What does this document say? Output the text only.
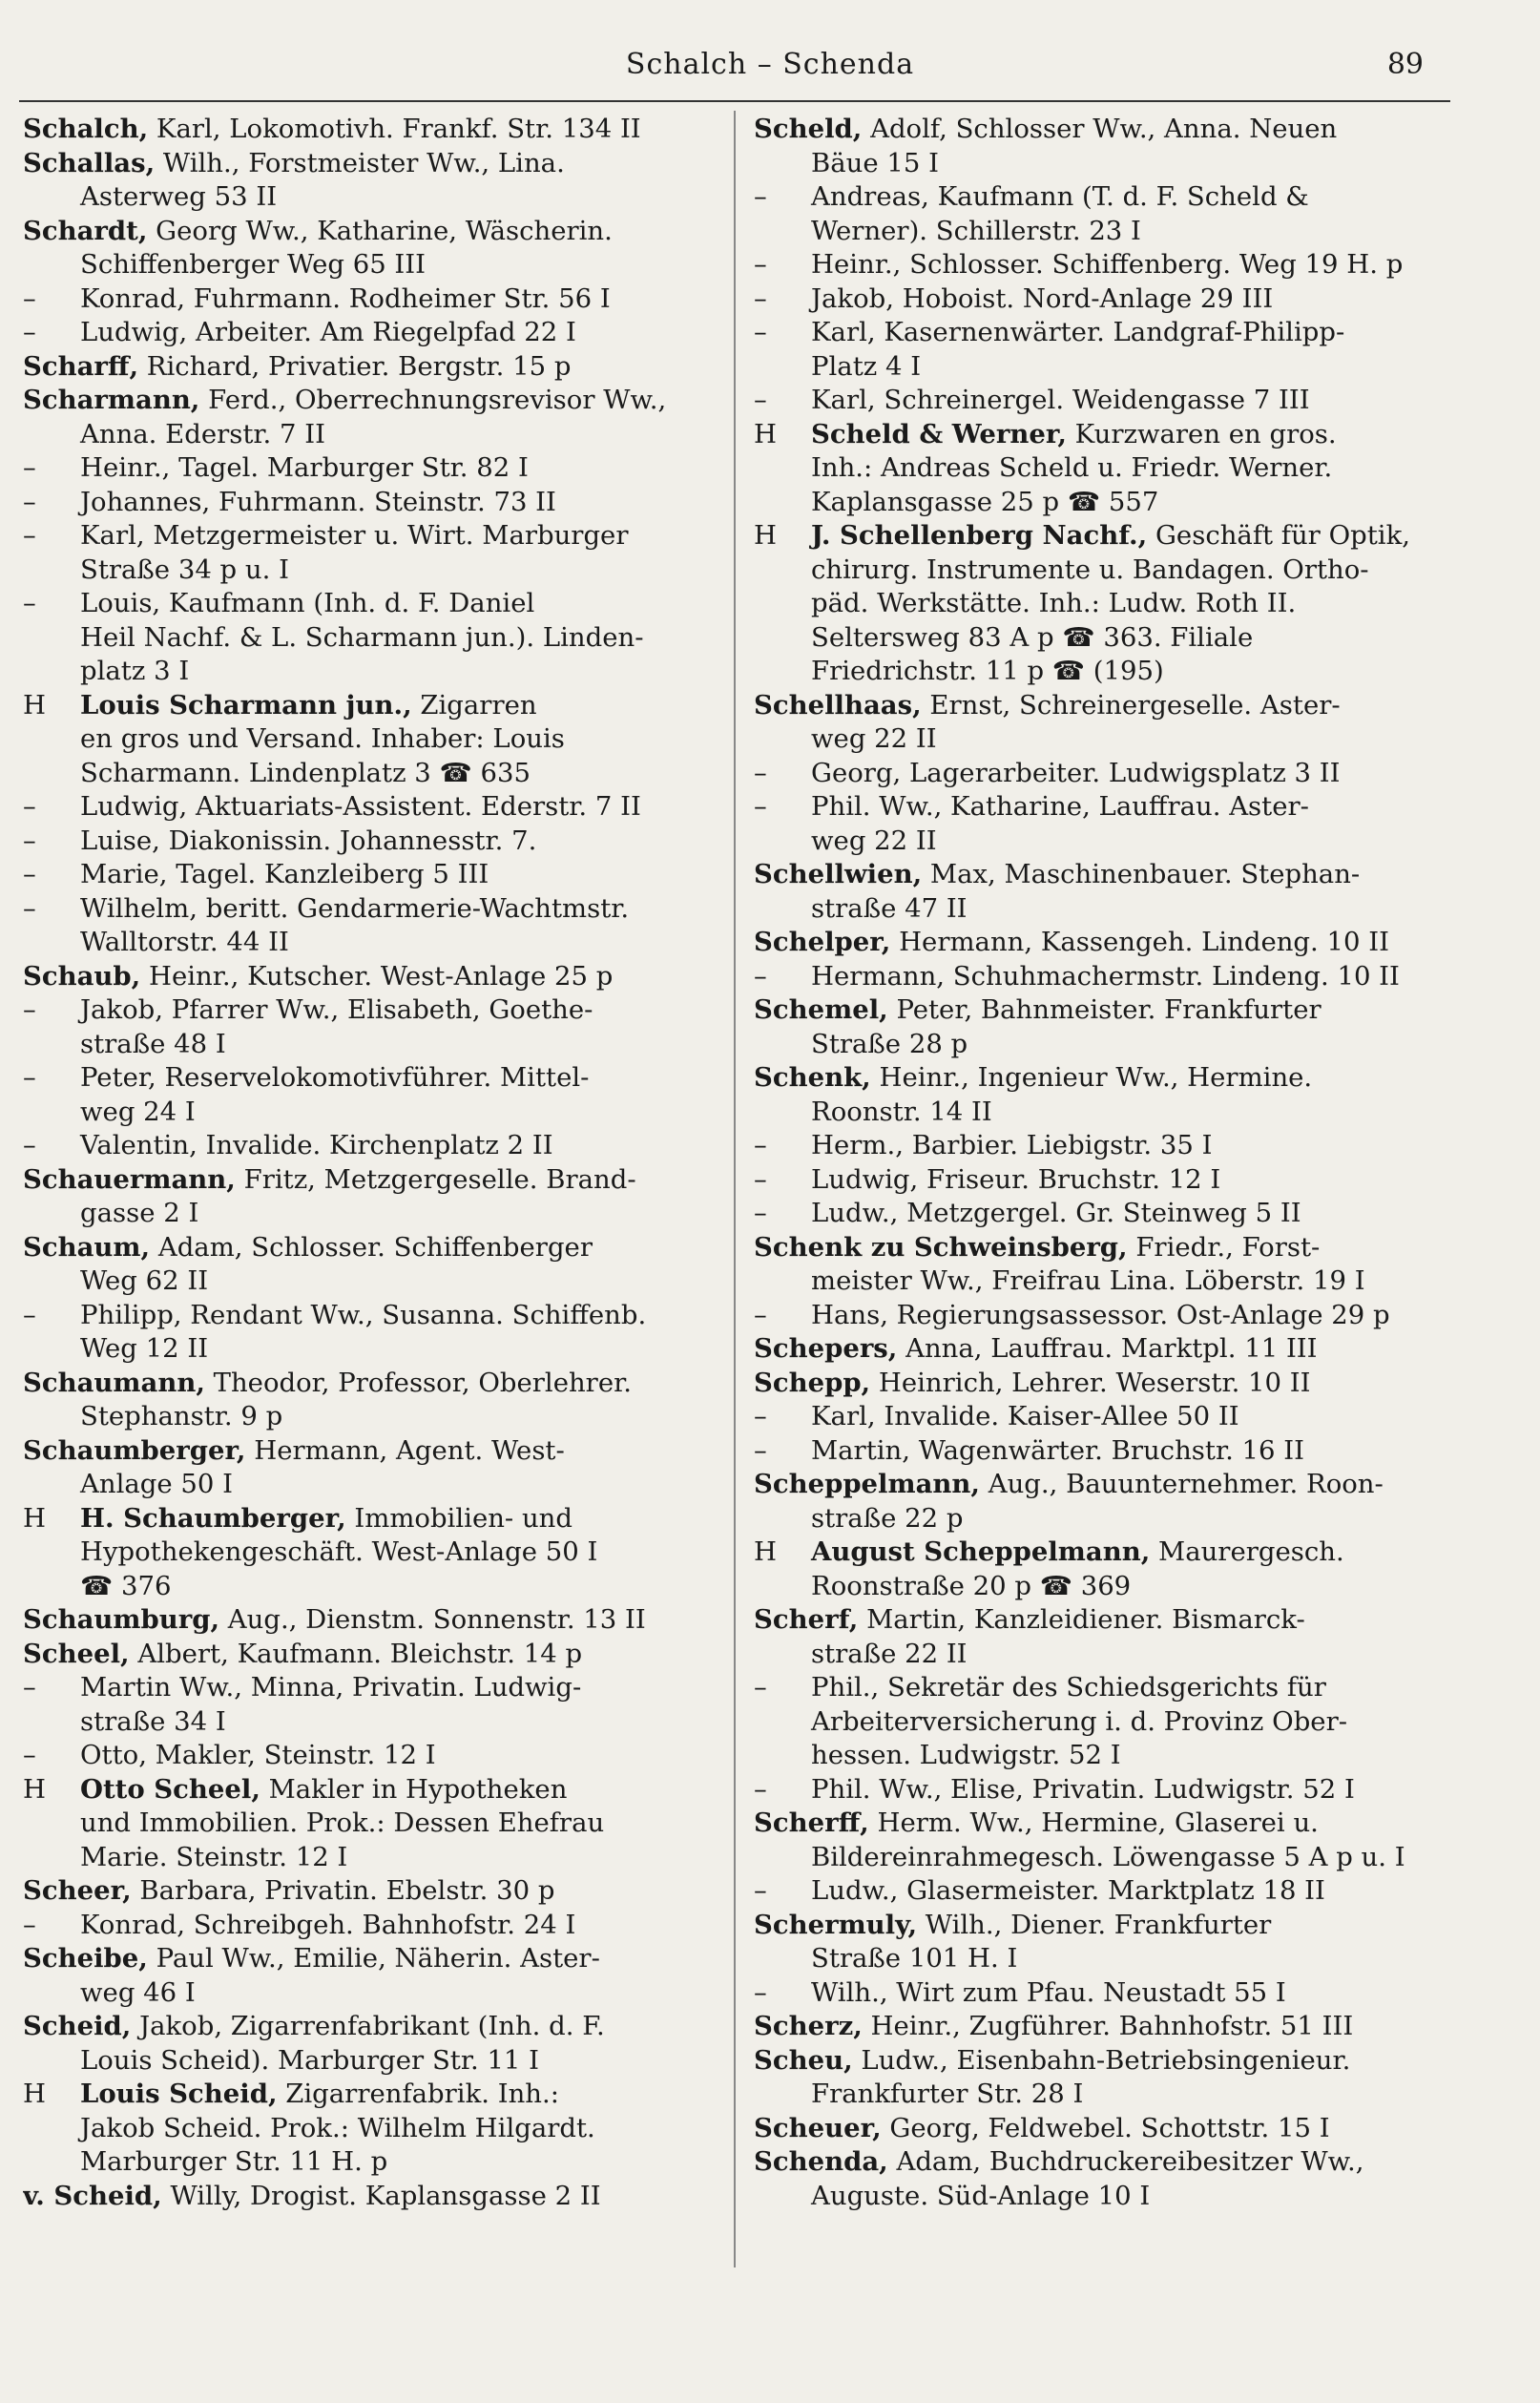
Schalch – Schenda	89
Schalch, Karl, Lokomotivh. Frankf. Str. 134 II
Schallas, Wilh., Forstmeister Ww., Lina.
Asterweg 53 II
Schardt, Georg Ww., Katharine, Wäscherin.
Schiffenberger Weg 65 III
– Konrad, Fuhrmann. Rodheimer Str. 56 I
– Ludwig, Arbeiter. Am Riegelpfad 22 I
Scharff, Richard, Privatier. Bergstr. 15 p
Scharmann, Ferd., Oberrechnungsrevisor Ww.,
Anna. Ederstr. 7 II
– Heinr., Tagel. Marburger Str. 82 I
– Johannes, Fuhrmann. Steinstr. 73 II
– Karl, Metzgermeister u. Wirt. Marburger
Straße 34 p u. I
– Louis, Kaufmann (Inh. d. F. Daniel
Heil Nachf. & L. Scharmann jun.). Linden-
platz 3 I
H Louis Scharmann jun., Zigarren
en gros und Versand. Inhaber: Louis
Scharmann. Lindenplatz 3 ☎ 635
– Ludwig, Aktuariats-Assistent. Ederstr. 7 II
– Luise, Diakonissin. Johannesstr. 7.
– Marie, Tagel. Kanzleiberg 5 III
– Wilhelm, beritt. Gendarmerie-Wachtmstr.
Walltorstr. 44 II
Schaub, Heinr., Kutscher. West-Anlage 25 p
– Jakob, Pfarrer Ww., Elisabeth, Goethe-
straße 48 I
– Peter, Reservelokomotivführer. Mittel-
weg 24 I
– Valentin, Invalide. Kirchenplatz 2 II
Schauermann, Fritz, Metzgergeselle. Brand-
gasse 2 I
Schaum, Adam, Schlosser. Schiffenberger
Weg 62 II
– Philipp, Rendant Ww., Susanna. Schiffenb.
Weg 12 II
Schaumann, Theodor, Professor, Oberlehrer.
Stephanstr. 9 p
Schaumberger, Hermann, Agent. West-
Anlage 50 I
H H. Schaumberger, Immobilien- und
Hypothekengeschäft. West-Anlage 50 I
☎ 376
Schaumburg, Aug., Dienstm. Sonnenstr. 13 II
Scheel, Albert, Kaufmann. Bleichstr. 14 p
– Martin Ww., Minna, Privatin. Ludwig-
straße 34 I
– Otto, Makler, Steinstr. 12 I
H Otto Scheel, Makler in Hypotheken
und Immobilien. Prok.: Dessen Ehefrau
Marie. Steinstr. 12 I
Scheer, Barbara, Privatin. Ebelstr. 30 p
– Konrad, Schreibgeh. Bahnhofstr. 24 I
Scheibe, Paul Ww., Emilie, Näherin. Aster-
weg 46 I
Scheid, Jakob, Zigarrenfabrikant (Inh. d. F.
Louis Scheid). Marburger Str. 11 I
H Louis Scheid, Zigarrenfabrik. Inh.:
Jakob Scheid. Prok.: Wilhelm Hilgardt.
Marburger Str. 11 H. p
v. Scheid, Willy, Drogist. Kaplansgasse 2 II
Scheld, Adolf, Schlosser Ww., Anna. Neuen
Bäue 15 I
– Andreas, Kaufmann (T. d. F. Scheld &
Werner). Schillerstr. 23 I
– Heinr., Schlosser. Schiffenberg. Weg 19 H. p
– Jakob, Hoboist. Nord-Anlage 29 III
– Karl, Kasernenwärter. Landgraf-Philipp-
Platz 4 I
– Karl, Schreinergel. Weidengasse 7 III
H Scheld & Werner, Kurzwaren en gros.
Inh.: Andreas Scheld u. Friedr. Werner.
Kaplansgasse 25 p ☎ 557
H J. Schellenberg Nachf., Geschäft für Optik,
chirurg. Instrumente u. Bandagen. Ortho-
päd. Werkstätte. Inh.: Ludw. Roth II.
Seltersweg 83 A p ☎ 363. Filiale
Friedrichstr. 11 p ☎ (195)
Schellhaas, Ernst, Schreinergeselle. Aster-
weg 22 II
– Georg, Lagerarbeiter. Ludwigsplatz 3 II
– Phil. Ww., Katharine, Lauffrau. Aster-
weg 22 II
Schellwien, Max, Maschinenbauer. Stephan-
straße 47 II
Schelper, Hermann, Kassengeh. Lindeng. 10 II
– Hermann, Schuhmachermstr. Lindeng. 10 II
Schemel, Peter, Bahnmeister. Frankfurter
Straße 28 p
Schenk, Heinr., Ingenieur Ww., Hermine.
Roonstr. 14 II
– Herm., Barbier. Liebigstr. 35 I
– Ludwig, Friseur. Bruchstr. 12 I
– Ludw., Metzgergel. Gr. Steinweg 5 II
Schenk zu Schweinsberg, Friedr., Forst-
meister Ww., Freifrau Lina. Löberstr. 19 I
– Hans, Regierungsassessor. Ost-Anlage 29 p
Schepers, Anna, Lauffrau. Marktpl. 11 III
Schepp, Heinrich, Lehrer. Weserstr. 10 II
– Karl, Invalide. Kaiser-Allee 50 II
– Martin, Wagenwärter. Bruchstr. 16 II
Scheppelmann, Aug., Bauunternehmer. Roon-
straße 22 p
H August Scheppelmann, Maurergesch.
Roonstraße 20 p ☎ 369
Scherf, Martin, Kanzleidiener. Bismarck-
straße 22 II
– Phil., Sekretär des Schiedsgerichts für
Arbeiterversicherung i. d. Provinz Ober-
hessen. Ludwigstr. 52 I
– Phil. Ww., Elise, Privatin. Ludwigstr. 52 I
Scherff, Herm. Ww., Hermine, Glaserei u.
Bildereinrahmegesch. Löwengasse 5 A p u. I
– Ludw., Glasermeister. Marktplatz 18 II
Schermuly, Wilh., Diener. Frankfurter
Straße 101 H. I
– Wilh., Wirt zum Pfau. Neustadt 55 I
Scherz, Heinr., Zugführer. Bahnhofstr. 51 III
Scheu, Ludw., Eisenbahn-Betriebsingenieur.
Frankfurter Str. 28 I
Scheuer, Georg, Feldwebel. Schottstr. 15 I
Schenda, Adam, Buchdruckereibesitzer Ww.,
Auguste. Süd-Anlage 10 I
